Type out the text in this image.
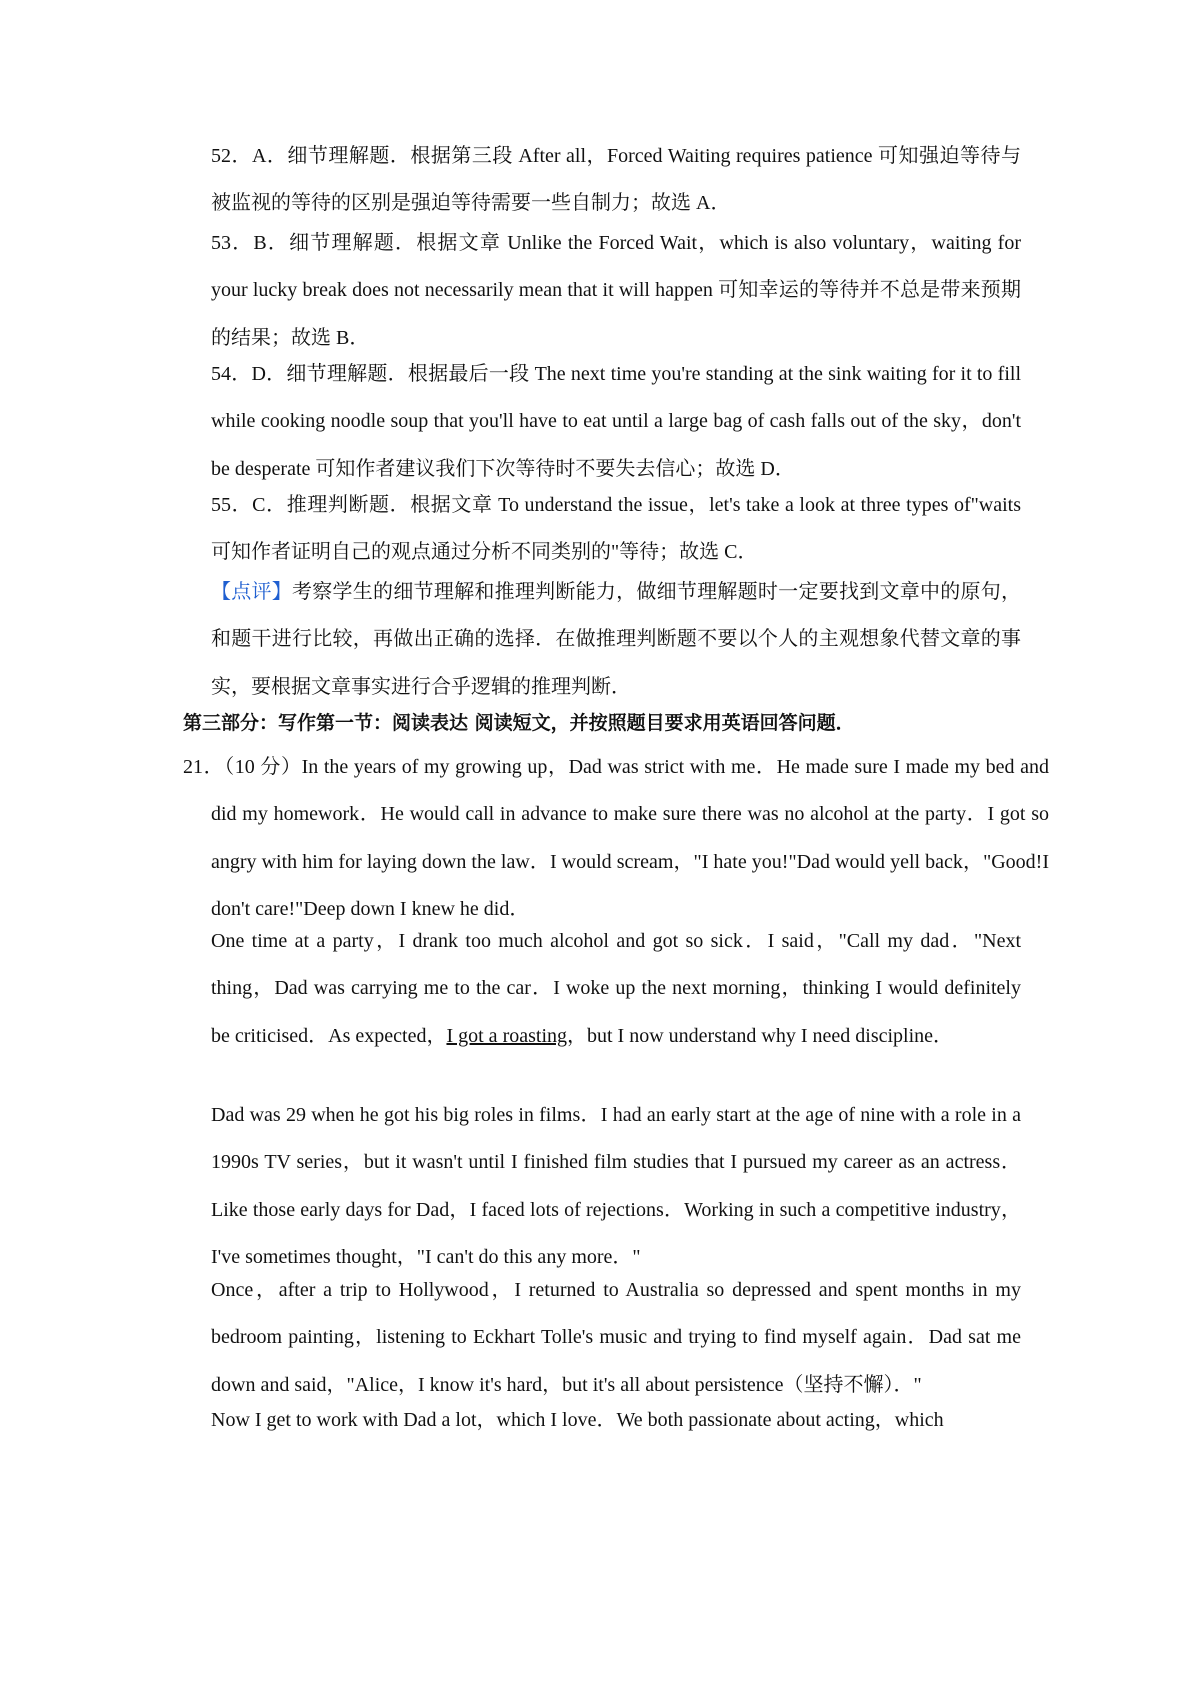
52．A．细节理解题．根据第三段 After all，Forced Waiting requires patience 可知强迫等待与被监视的等待的区别是强迫等待需要一些自制力；故选 A．

53．B．细节理解题．根据文章 Unlike the Forced Wait，which is also voluntary，waiting for your lucky break does not necessarily mean that it will happen 可知幸运的等待并不总是带来预期的结果；故选 B．

54．D．细节理解题．根据最后一段 The next time you're standing at the sink waiting for it to fill while cooking noodle soup that you'll have to eat until a large bag of cash falls out of the sky，don't be desperate 可知作者建议我们下次等待时不要失去信心；故选 D．

55．C．推理判断题．根据文章 To understand the issue，let's take a look at three types of"waits 可知作者证明自己的观点通过分析不同类别的"等待；故选 C．

【点评】考察学生的细节理解和推理判断能力，做细节理解题时一定要找到文章中的原句，和题干进行比较，再做出正确的选择．在做推理判断题不要以个人的主观想象代替文章的事实，要根据文章事实进行合乎逻辑的推理判断．

第三部分：写作第一节：阅读表达 阅读短文，并按照题目要求用英语回答问题．

21．（10 分）In the years of my growing up，Dad was strict with me．He made sure I made my bed and did my homework．He would call in advance to make sure there was no alcohol at the party．I got so angry with him for laying down the law．I would scream，"I hate you!"Dad would yell back，"Good!I don't care!"Deep down I knew he did．

One time at a party，I drank too much alcohol and got so sick．I said，"Call my dad．"Next thing，Dad was carrying me to the car．I woke up the next morning，thinking I would definitely be criticised．As expected，I got a roasting，but I now understand why I need discipline．

Dad was 29 when he got his big roles in films．I had an early start at the age of nine with a role in a 1990s TV series，but it wasn't until I finished film studies that I pursued my career as an actress．Like those early days for Dad，I faced lots of rejections．Working in such a competitive industry，I've sometimes thought，"I can't do this any more．"

Once，after a trip to Hollywood，I returned to Australia so depressed and spent months in my bedroom painting，listening to Eckhart Tolle's music and trying to find myself again．Dad sat me down and said，"Alice，I know it's hard，but it's all about persistence（坚持不懈）．"

Now I get to work with Dad a lot，which I love．We both passionate about acting，which
